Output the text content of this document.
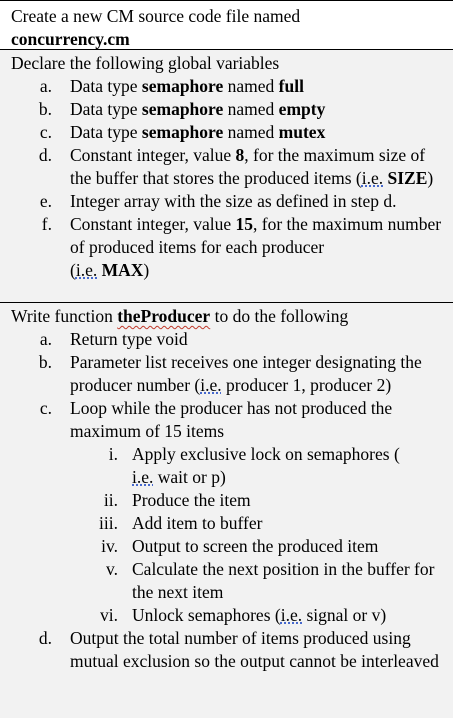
Create a new CM source code file named
concurrency.cm
Declare the following global variables
a.	Data type semaphore named full
b.	Data type semaphore named empty
c.	Data type semaphore named mutex
d.	Constant integer, value 8, for the maximum size of the buffer that stores the produced items (i.e. SIZE)
e.	Integer array with the size as defined in step d.
f.	Constant integer, value 15, for the maximum number of produced items for each producer
(i.e. MAX)
Write function theProducer to do the following
a.	Return type void
b.	Parameter list receives one integer designating the producer number (i.e. producer 1, producer 2)
c.	Loop while the producer has not produced the maximum of 15 items
i. Apply exclusive lock on semaphores (
i.e. wait or p)
ii. Produce the item
iii. Add item to buffer
iv. Output to screen the produced item
v. Calculate the next position in the buffer for the next item
vi. Unlock semaphores (i.e. signal or v)
d.	Output the total number of items produced using mutual exclusion so the output cannot be interleaved
